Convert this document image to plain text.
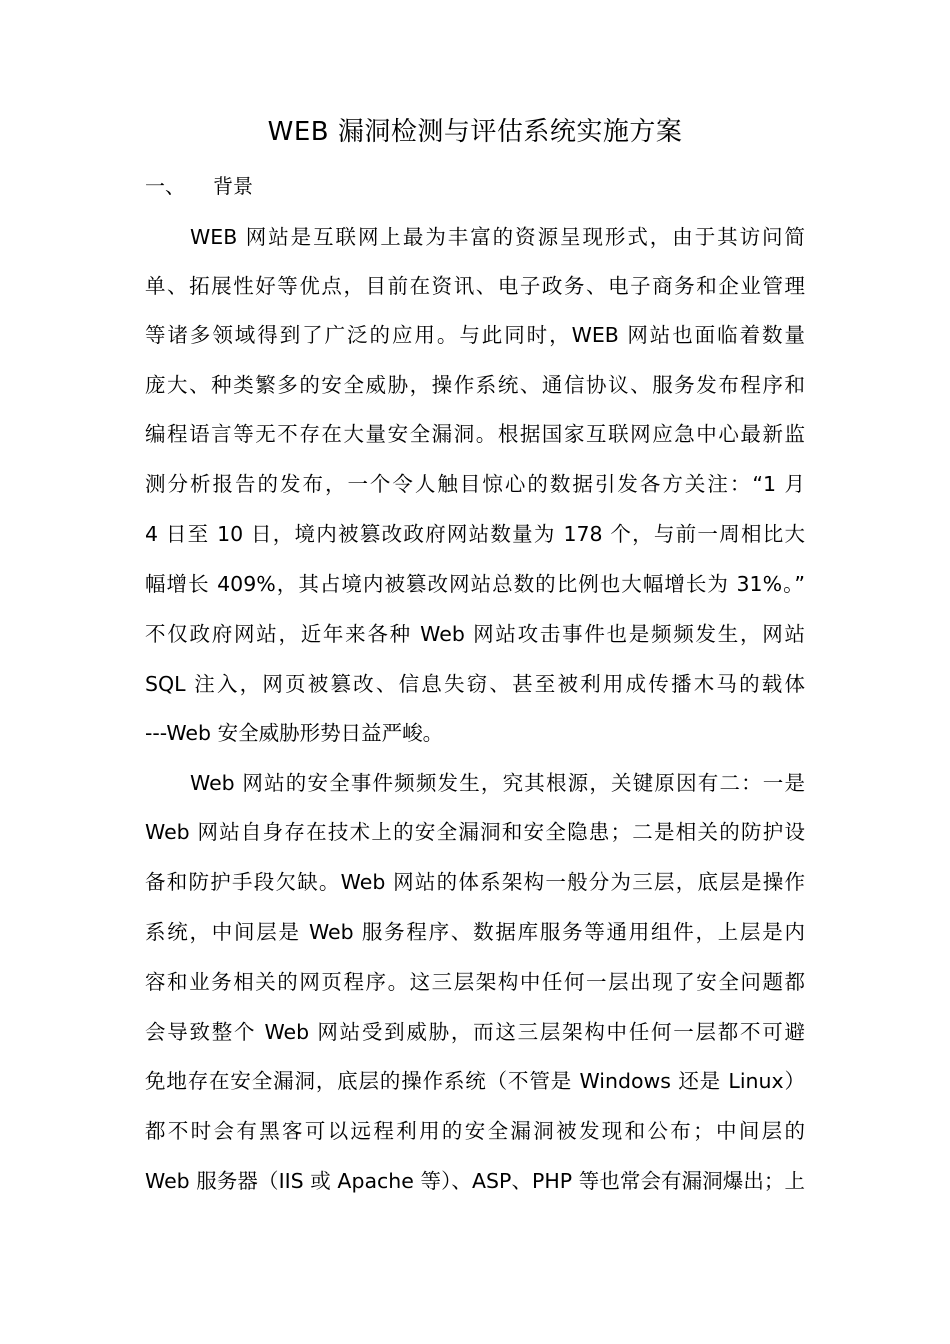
WEB 漏洞检测与评估系统实施方案
一、 背景
WEB 网站是互联网上最为丰富的资源呈现形式，由于其访问简
单、拓展性好等优点，目前在资讯、电子政务、电子商务和企业管理
等诸多领域得到了广泛的应用。与此同时，WEB 网站也面临着数量
庞大、种类繁多的安全威胁，操作系统、通信协议、服务发布程序和
编程语言等无不存在大量安全漏洞。根据国家互联网应急中心最新监
测分析报告的发布，一个令人触目惊心的数据引发各方关注：“1 月
4 日至 10 日，境内被篡改政府网站数量为 178 个，与前一周相比大
幅增长 409%，其占境内被篡改网站总数的比例也大幅增长为 31%。”
不仅政府网站，近年来各种 Web 网站攻击事件也是频频发生，网站
SQL 注入，网页被篡改、信息失窃、甚至被利用成传播木马的载体
---Web 安全威胁形势日益严峻。
Web 网站的安全事件频频发生，究其根源，关键原因有二：一是
Web 网站自身存在技术上的安全漏洞和安全隐患；二是相关的防护设
备和防护手段欠缺。Web 网站的体系架构一般分为三层，底层是操作
系统，中间层是 Web 服务程序、数据库服务等通用组件，上层是内
容和业务相关的网页程序。这三层架构中任何一层出现了安全问题都
会导致整个 Web 网站受到威胁，而这三层架构中任何一层都不可避
免地存在安全漏洞，底层的操作系统（不管是 Windows 还是 Linux）
都不时会有黑客可以远程利用的安全漏洞被发现和公布；中间层的
Web 服务器（IIS 或 Apache 等）、ASP、PHP 等也常会有漏洞爆出；上
